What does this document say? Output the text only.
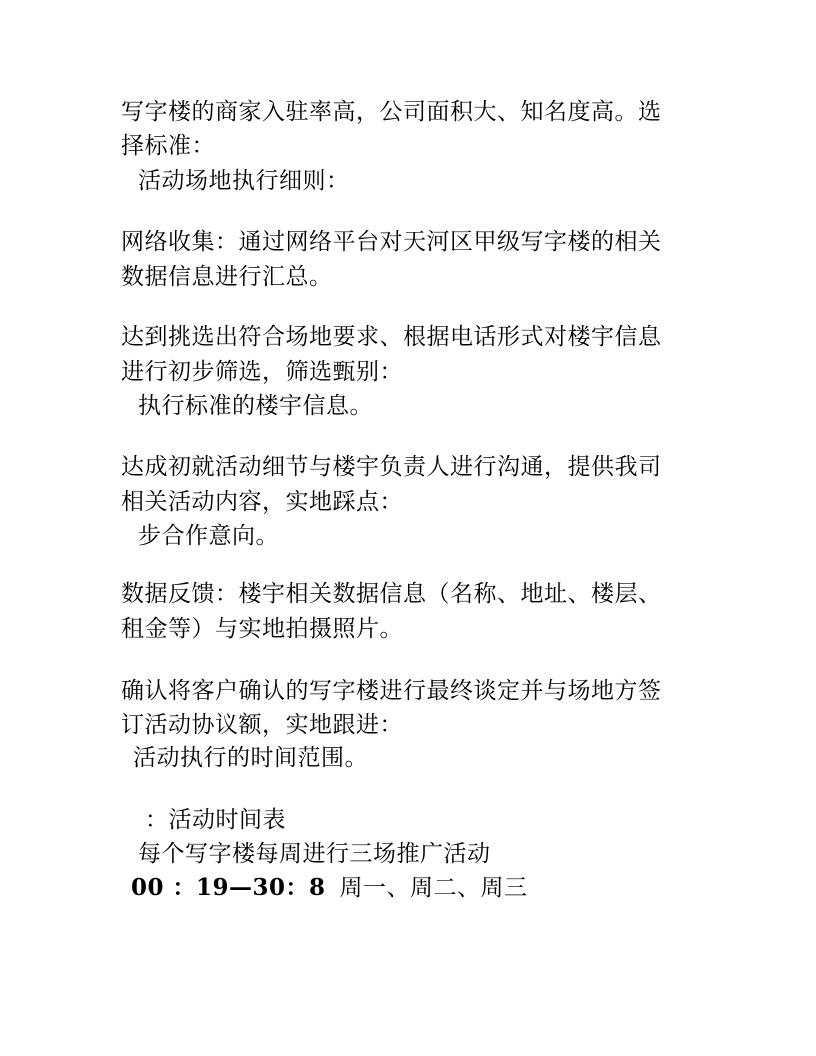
写字楼的商家入驻率高，公司面积大、知名度高。选
择标准：
活动场地执行细则：
网络收集：通过网络平台对天河区甲级写字楼的相关
数据信息进行汇总。
达到挑选出符合场地要求、根据电话形式对楼宇信息
进行初步筛选，筛选甄别：
执行标准的楼宇信息。
达成初就活动细节与楼宇负责人进行沟通，提供我司
相关活动内容，实地踩点：
步合作意向。
数据反馈：楼宇相关数据信息（名称、地址、楼层、
租金等）与实地拍摄照片。
确认将客户确认的写字楼进行最终谈定并与场地方签
订活动协议额，实地跟进：
活动执行的时间范围。
：活动时间表
每个写字楼每周进行三场推广活动
00 ：19—30：8 周一、周二、周三
